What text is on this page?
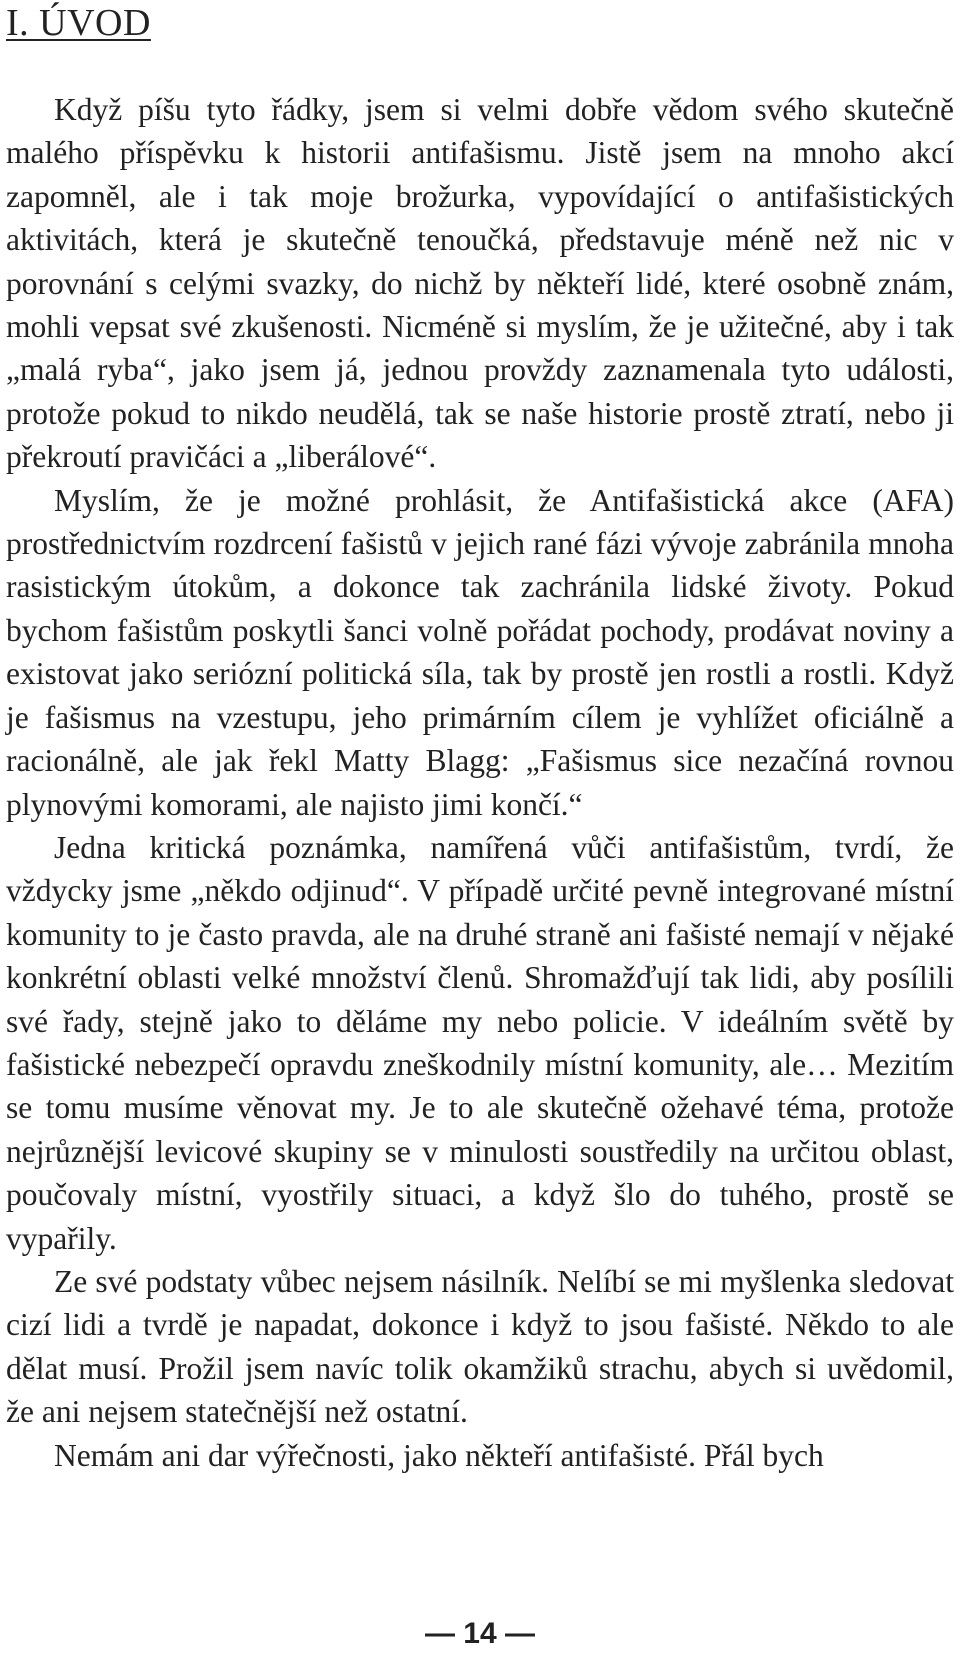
I. ÚVOD

Když píšu tyto řádky, jsem si velmi dobře vědom svého skutečně malého příspěvku k historii antifašismu. Jistě jsem na mnoho akcí zapomněl, ale i tak moje brožurka, vypovídající o antifašistických aktivitách, která je skutečně tenoučká, představuje méně než nic v porovnání s celými svazky, do nichž by někteří lidé, které osobně znám, mohli vepsat své zkušenosti. Nicméně si myslím, že je užitečné, aby i tak „malá ryba“, jako jsem já, jednou provždy zaznamenala tyto události, protože pokud to nikdo neudělá, tak se naše historie prostě ztratí, nebo ji překroutí pravičáci a „liberálové“.

Myslím, že je možné prohlásit, že Antifašistická akce (AFA) prostřednictvím rozdrcení fašistů v jejich rané fázi vývoje zabránila mnoha rasistickým útokům, a dokonce tak zachránila lidské životy. Pokud bychom fašistům poskytli šanci volně pořádat pochody, prodávat noviny a existovat jako seriózní politická síla, tak by prostě jen rostli a rostli. Když je fašismus na vzestupu, jeho primárním cílem je vyhlížet oficiálně a racionálně, ale jak řekl Matty Blagg: „Fašismus sice nezačíná rovnou plynovými komorami, ale najisto jimi končí.“

Jedna kritická poznámka, namířená vůči antifašistům, tvrdí, že vždycky jsme „někdo odjinud“. V případě určité pevně integrované místní komunity to je často pravda, ale na druhé straně ani fašisté nemají v nějaké konkrétní oblasti velké množství členů. Shromažďují tak lidi, aby posílili své řady, stejně jako to děláme my nebo policie. V ideálním světě by fašistické nebezpečí opravdu zneškodnily místní komunity, ale… Mezitím se tomu musíme věnovat my. Je to ale skutečně ožehavé téma, protože nejrůznější levicové skupiny se v minulosti soustředily na určitou oblast, poučovaly místní, vyostřily situaci, a když šlo do tuhého, prostě se vypařily.

Ze své podstaty vůbec nejsem násilník. Nelíbí se mi myšlenka sledovat cizí lidi a tvrdě je napadat, dokonce i když to jsou fašisté. Někdo to ale dělat musí. Prožil jsem navíc tolik okamžiků strachu, abych si uvědomil, že ani nejsem statečnější než ostatní.

Nemám ani dar výřečnosti, jako někteří antifašisté. Přál bych

— 14 —
